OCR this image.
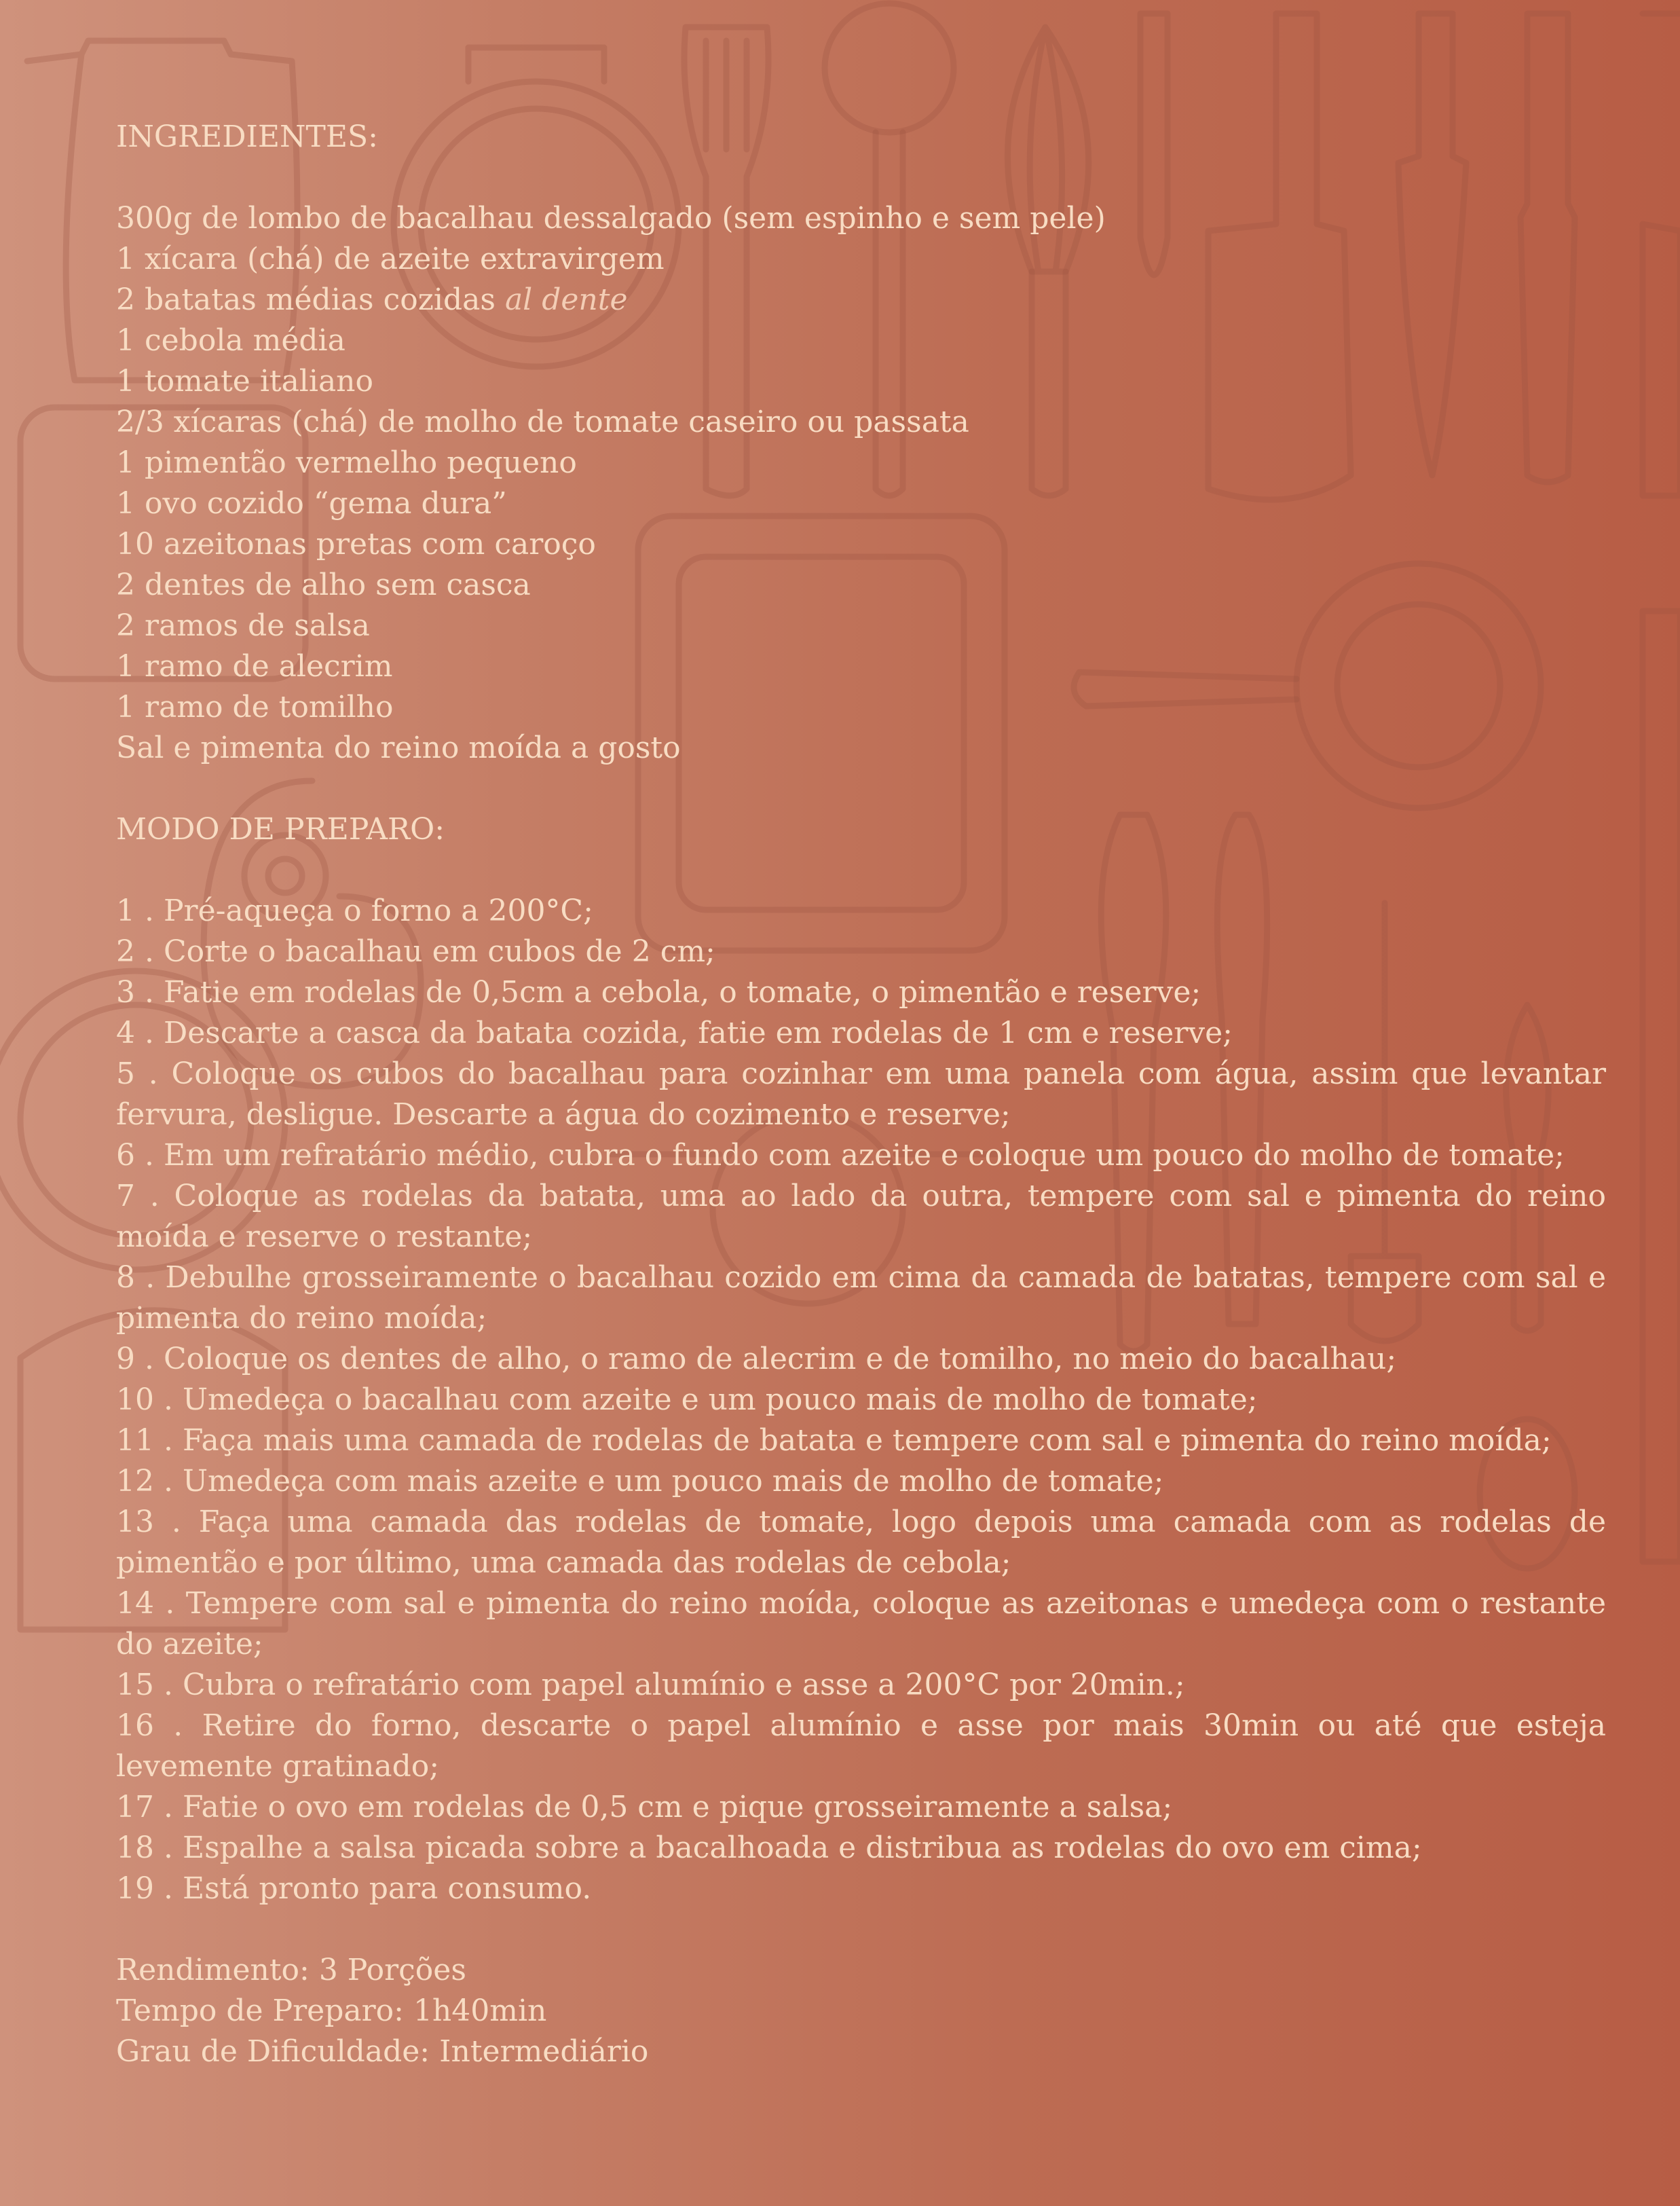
INGREDIENTES:
300g de lombo de bacalhau dessalgado (sem espinho e sem pele)
1 xícara (chá) de azeite extravirgem
2 batatas médias cozidas al dente
1 cebola média
1 tomate italiano
2/3 xícaras (chá) de molho de tomate caseiro ou passata
1 pimentão vermelho pequeno
1 ovo cozido “gema dura”
10 azeitonas pretas com caroço
2 dentes de alho sem casca
2 ramos de salsa
1 ramo de alecrim
1 ramo de tomilho
Sal e pimenta do reino moída a gosto
MODO DE PREPARO:
1 . Pré-aqueça o forno a 200°C;
2 . Corte o bacalhau em cubos de 2 cm;
3 . Fatie em rodelas de 0,5cm a cebola, o tomate, o pimentão e reserve;
4 . Descarte a casca da batata cozida, fatie em rodelas de 1 cm e reserve;
5 . Coloque os cubos do bacalhau para cozinhar em uma panela com água, assim que levantar fervura, desligue. Descarte a água do cozimento e reserve;
6 . Em um refratário médio, cubra o fundo com azeite e coloque um pouco do molho de tomate;
7 . Coloque as rodelas da batata, uma ao lado da outra, tempere com sal e pimenta do reino moída e reserve o restante;
8 . Debulhe grosseiramente o bacalhau cozido em cima da camada de batatas, tempere com sal e pimenta do reino moída;
9 . Coloque os dentes de alho, o ramo de alecrim e de tomilho, no meio do bacalhau;
10 . Umedeça o bacalhau com azeite e um pouco mais de molho de tomate;
11 . Faça mais uma camada de rodelas de batata e tempere com sal e pimenta do reino moída;
12 . Umedeça com mais azeite e um pouco mais de molho de tomate;
13 . Faça uma camada das rodelas de tomate, logo depois uma camada com as rodelas de pimentão e por último, uma camada das rodelas de cebola;
14 . Tempere com sal e pimenta do reino moída, coloque as azeitonas e umedeça com o restante do azeite;
15 . Cubra o refratário com papel alumínio e asse a 200°C por 20min.;
16 . Retire do forno, descarte o papel alumínio e asse por mais 30min ou até que esteja levemente gratinado;
17 . Fatie o ovo em rodelas de 0,5 cm e pique grosseiramente a salsa;
18 . Espalhe a salsa picada sobre a bacalhoada e distribua as rodelas do ovo em cima;
19 . Está pronto para consumo.
Rendimento: 3 Porções
Tempo de Preparo: 1h40min
Grau de Dificuldade: Intermediário
